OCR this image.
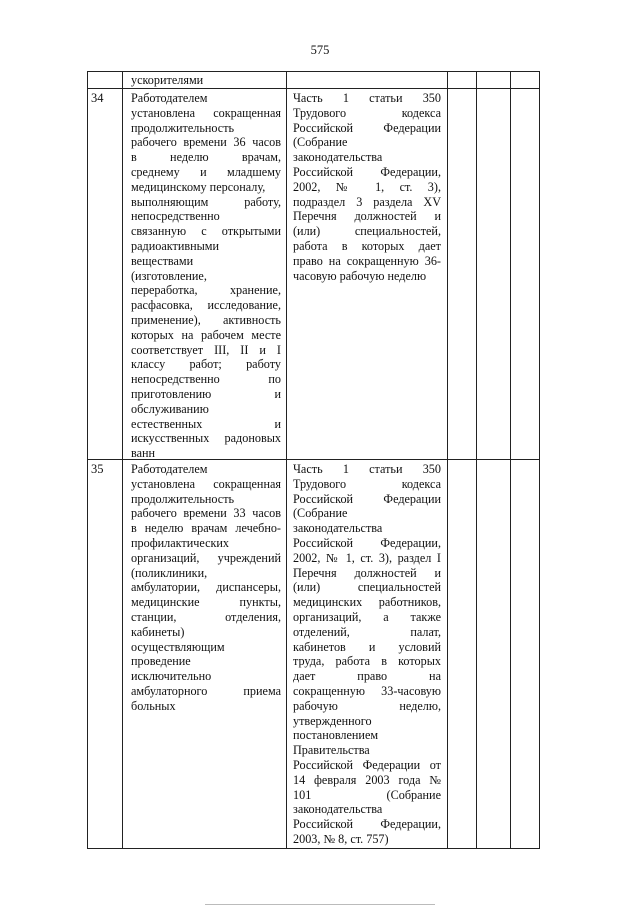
575
ускорителями
34 Работодателем
установлена сокращенная
продолжительность
рабочего времени 36 часов
в неделю врачам,
среднему и младшему
медицинскому персоналу,
выполняющим работу,
непосредственно
связанную с открытыми
радиоактивными
веществами
(изготовление,
переработка, хранение,
расфасовка, исследование,
применение), активность
которых на рабочем месте
соответствует III, II и I
классу работ; работу
непосредственно по
приготовлению и
обслуживанию
естественных и
искусственных радоновых
ванн
Часть 1 статьи 350
Трудового кодекса
Российской Федерации
(Собрание
законодательства
Российской Федерации,
2002, № 1, ст. 3),
подраздел 3 раздела XV
Перечня должностей и
(или) специальностей,
работа в которых дает
право на сокращенную 36-
часовую рабочую неделю
35 Работодателем
установлена сокращенная
продолжительность
рабочего времени 33 часов
в неделю врачам лечебно-
профилактических
организаций, учреждений
(поликлиники,
амбулатории, диспансеры,
медицинские пункты,
станции, отделения,
кабинеты)
осуществляющим
проведение
исключительно
амбулаторного приема
больных
Часть 1 статьи 350
Трудового кодекса
Российской Федерации
(Собрание
законодательства
Российской Федерации,
2002, № 1, ст. 3), раздел I
Перечня должностей и
(или) специальностей
медицинских работников,
организаций, а также
отделений, палат,
кабинетов и условий
труда, работа в которых
дает право на
сокращенную 33-часовую
рабочую неделю,
утвержденного
постановлением
Правительства
Российской Федерации от
14 февраля 2003 года №
101 (Собрание
законодательства
Российской Федерации,
2003, № 8, ст. 757)
